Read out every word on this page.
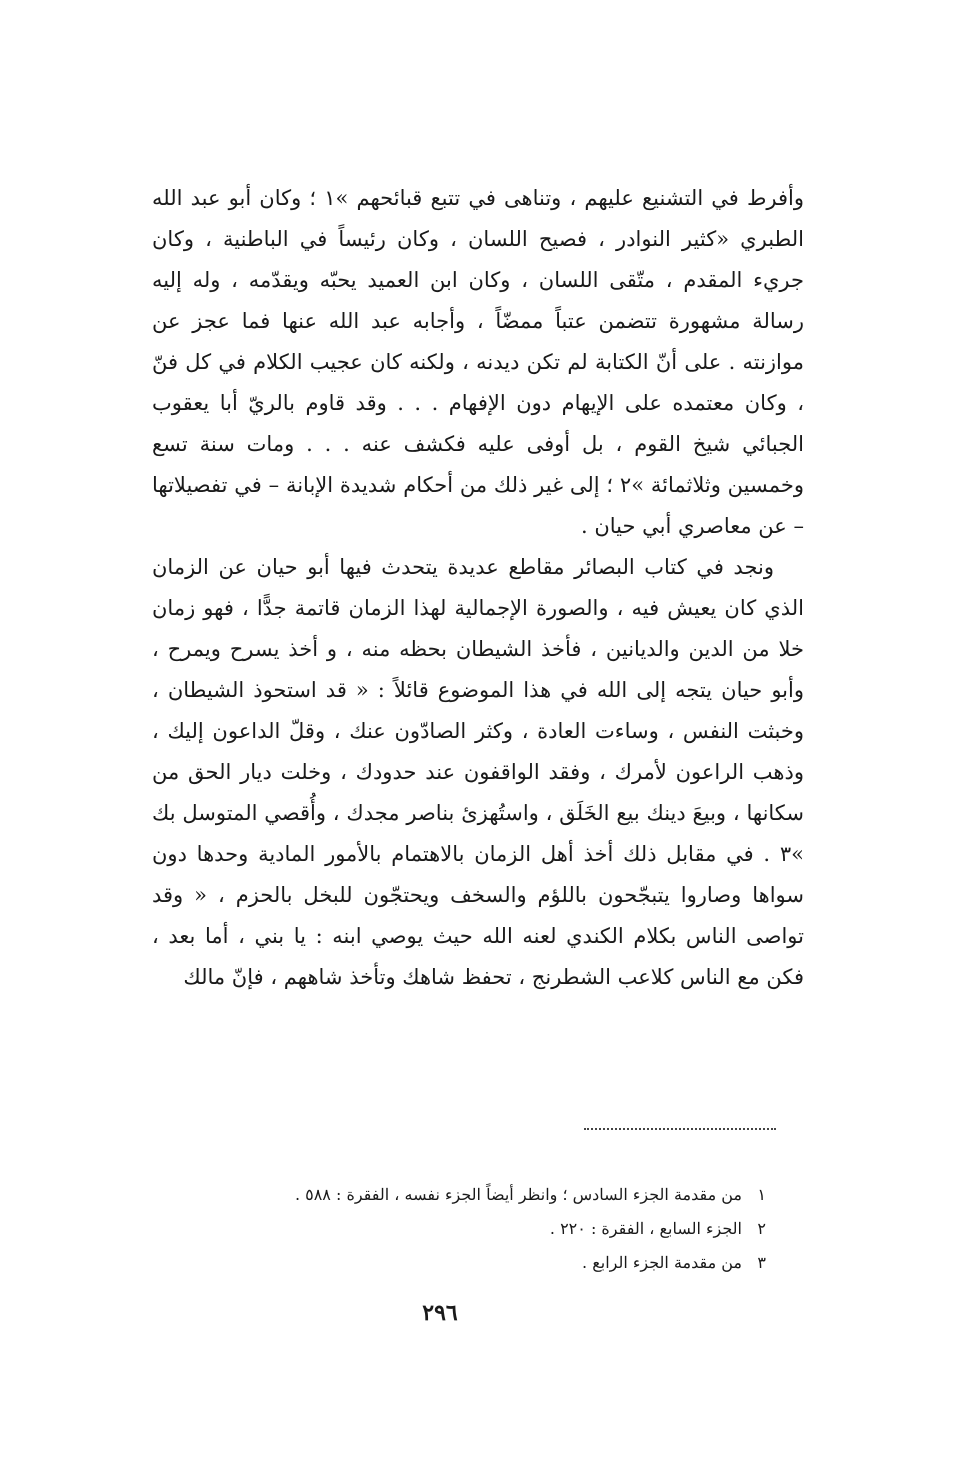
وأفرط في التشنيع عليهم ، وتناهى في تتبع قبائحهم »١ ؛ وكان أبو عبد الله الطبري «كثير النوادر ، فصيح اللسان ، وكان رئيساً في الباطنية ، وكان جريء المقدم ، متّقى اللسان ، وكان ابن العميد يحبّه ويقدّمه ، وله إليه رسالة مشهورة تتضمن عتباً ممضّاً ، وأجابه عبد الله عنها فما عجز عن موازنته . على أنّ الكتابة لم تكن ديدنه ، ولكنه كان عجيب الكلام في كل فنّ ، وكان معتمده على الإيهام دون الإفهام . . . وقد قاوم بالريّ أبا يعقوب الجبائي شيخ القوم ، بل أوفى عليه فكشف عنه . . . ومات سنة تسع وخمسين وثلاثمائة »٢ ؛ إلى غير ذلك من أحكام شديدة الإبانة – في تفصيلاتها – عن معاصري أبي حيان .

ونجد في كتاب البصائر مقاطع عديدة يتحدث فيها أبو حيان عن الزمان الذي كان يعيش فيه ، والصورة الإجمالية لهذا الزمان قاتمة جدًّا ، فهو زمان خلا من الدين والديانين ، فأخذ الشيطان بحظه منه ، و أخذ يسرح ويمرح ، وأبو حيان يتجه إلى الله في هذا الموضوع قائلاً : « قد استحوذ الشيطان ، وخبثت النفس ، وساءت العادة ، وكثر الصادّون عنك ، وقلّ الداعون إليك ، وذهب الراعون لأمرك ، وفقد الواقفون عند حدودك ، وخلت ديار الحق من سكانها ، وبيعَ دينك بيع الخَلَق ، واستُهزئ بناصر مجدك ، وأُقصي المتوسل بك »٣ . في مقابل ذلك أخذ أهل الزمان بالاهتمام بالأمور المادية وحدها دون سواها وصاروا يتبجّحون باللؤم والسخف ويحتجّون للبخل بالحزم ، « وقد تواصى الناس بكلام الكندي لعنه الله حيث يوصي ابنه : يا بني ، أما بعد ، فكن مع الناس كلاعب الشطرنج ، تحفظ شاهك وتأخذ شاههم ، فإنّ مالك

١
من مقدمة الجزء السادس ؛ وانظر أيضاً الجزء نفسه ، الفقرة : ٥٨٨ .
٢
الجزء السابع ، الفقرة : ٢٢٠ .
٣
من مقدمة الجزء الرابع .
٢٩٦
